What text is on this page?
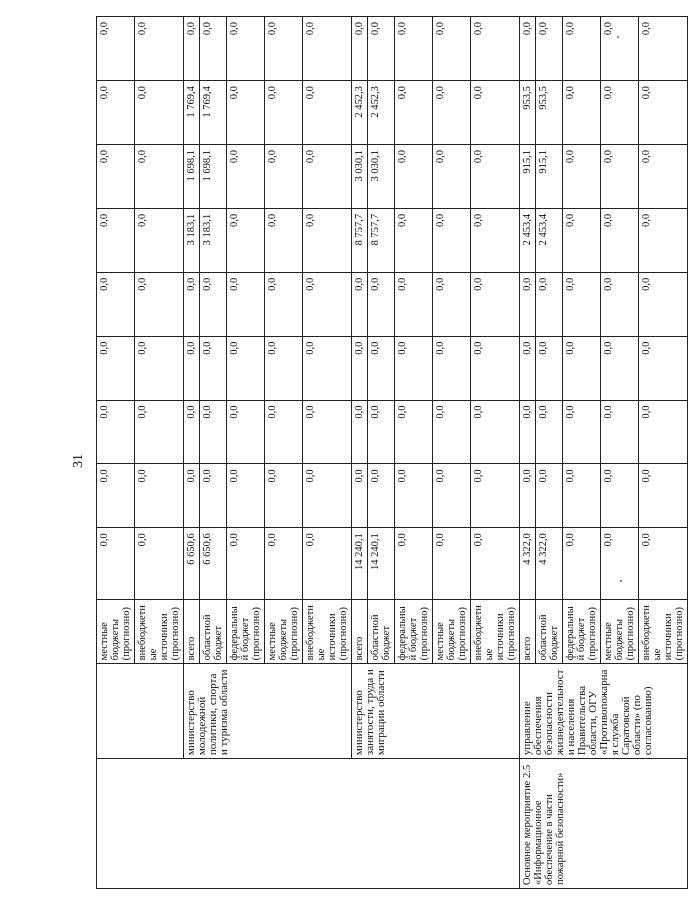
31
		местные бюджеты (прогнозно)	0,0	0,0	0,0	0,0	0,0	0,0	0,0	0,0	0,0
		внебюджетные источники (прогнозно)	0,0	0,0	0,0	0,0	0,0	0,0	0,0	0,0	0,0
	министерство молодежной политики, спорта и туризма области	всего	6 650,6	0,0	0,0	0,0	0,0	3 183,1	1 698,1	1 769,4	0,0
		областной бюджет	6 650,6	0,0	0,0	0,0	0,0	3 183,1	1 698,1	1 769,4	0,0
		федеральный бюджет (прогнозно)	0,0	0,0	0,0	0,0	0,0	0,0	0,0	0,0	0,0
		местные бюджеты (прогнозно)	0,0	0,0	0,0	0,0	0,0	0,0	0,0	0,0	0,0
		внебюджетные источники (прогнозно)	0,0	0,0	0,0	0,0	0,0	0,0	0,0	0,0	0,0
	министерство занятости, труда и миграции области	всего	14 240,1	0,0	0,0	0,0	0,0	8 757,7	3 030,1	2 452,3	0,0
		областной бюджет	14 240,1	0,0	0,0	0,0	0,0	8 757,7	3 030,1	2 452,3	0,0
		федеральный бюджет (прогнозно)	0,0	0,0	0,0	0,0	0,0	0,0	0,0	0,0	0,0
		местные бюджеты (прогнозно)	0,0	0,0	0,0	0,0	0,0	0,0	0,0	0,0	0,0
		внебюджетные источники (прогнозно)	0,0	0,0	0,0	0,0	0,0	0,0	0,0	0,0	0,0
Основное мероприятие 2.5 «Информационное обеспечение в части пожарной безопасности»	управление обеспечения безопасности жизнедеятельности населения Правительства области, ОГУ «Противопожарная служба Саратовской области» (по согласованию)	всего	4 322,0	0,0	0,0	0,0	0,0	2 453,4	915,1	953,5	0,0
		областной бюджет	4 322,0	0,0	0,0	0,0	0,0	2 453,4	915,1	953,5	0,0
		федеральный бюджет (прогнозно)	0,0	0,0	0,0	0,0	0,0	0,0	0,0	0,0	0,0
		местные бюджеты (прогнозно)	0,0	0,0	0,0	0,0	0,0	0,0	0,0	0,0	0,0
		внебюджетные источники (прогнозно)	0,0	0,0	0,0	0,0	0,0	0,0	0,0	0,0	0,0
